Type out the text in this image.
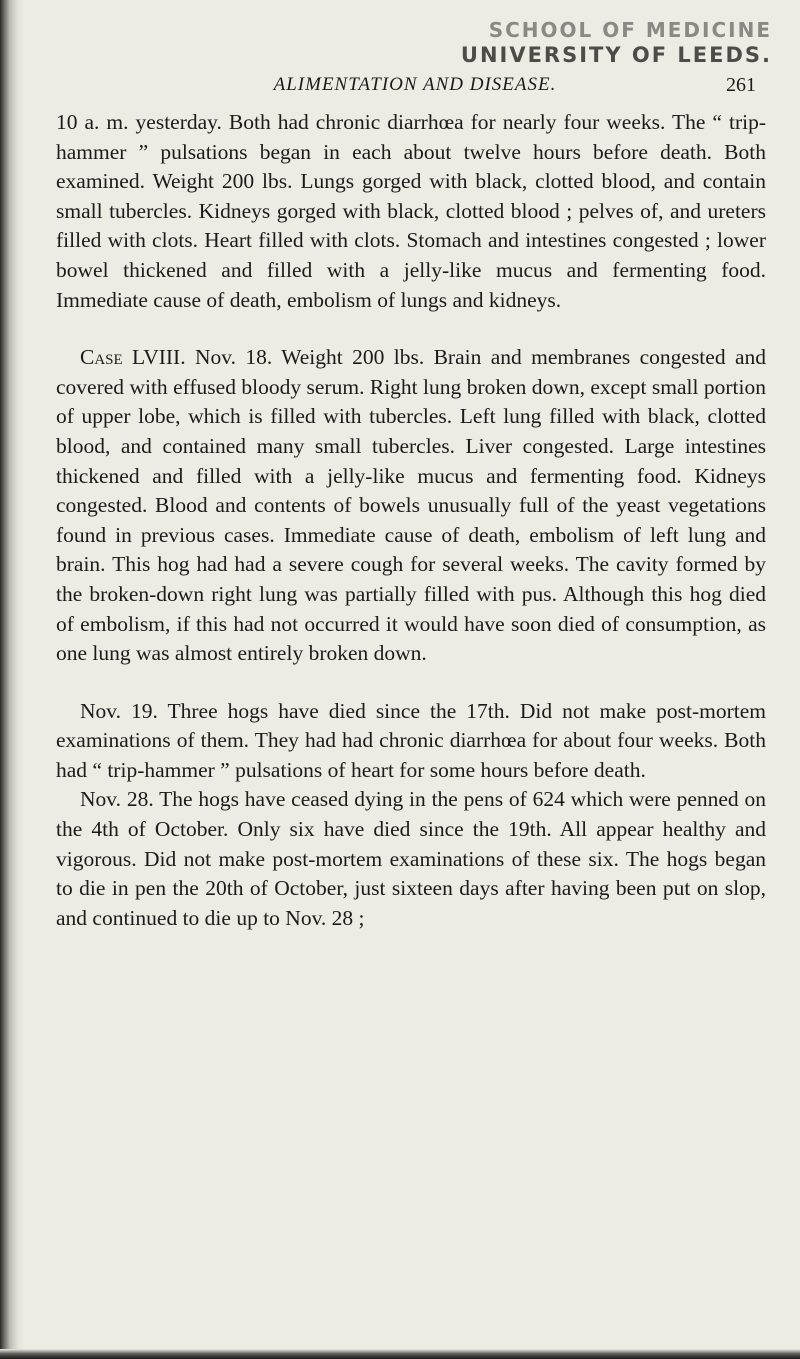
SCHOOL OF MEDICINE
UNIVERSITY OF LEEDS.
ALIMENTATION AND DISEASE.	261

10 a. m. yesterday. Both had chronic diarrhœa for nearly four weeks. The “ trip-hammer ” pulsations began in each about twelve hours before death. Both examined. Weight 200 lbs. Lungs gorged with black, clotted blood, and contain small tubercles. Kidneys gorged with black, clotted blood ; pelves of, and ureters filled with clots. Heart filled with clots. Stomach and intestines congested ; lower bowel thickened and filled with a jelly-like mucus and fermenting food. Immediate cause of death, embolism of lungs and kidneys.

Case LVIII. Nov. 18. Weight 200 lbs. Brain and membranes congested and covered with effused bloody serum. Right lung broken down, except small portion of upper lobe, which is filled with tubercles. Left lung filled with black, clotted blood, and contained many small tubercles. Liver congested. Large intestines thickened and filled with a jelly-like mucus and fermenting food. Kidneys congested. Blood and contents of bowels unusually full of the yeast vegetations found in previous cases. Immediate cause of death, embolism of left lung and brain. This hog had had a severe cough for several weeks. The cavity formed by the broken-down right lung was partially filled with pus. Although this hog died of embolism, if this had not occurred it would have soon died of consumption, as one lung was almost entirely broken down.

Nov. 19. Three hogs have died since the 17th. Did not make post-mortem examinations of them. They had had chronic diarrhœa for about four weeks. Both had “ trip-hammer ” pulsations of heart for some hours before death.

Nov. 28. The hogs have ceased dying in the pens of 624 which were penned on the 4th of October. Only six have died since the 19th. All appear healthy and vigorous. Did not make post-mortem examinations of these six. The hogs began to die in pen the 20th of October, just sixteen days after having been put on slop, and continued to die up to Nov. 28 ;
